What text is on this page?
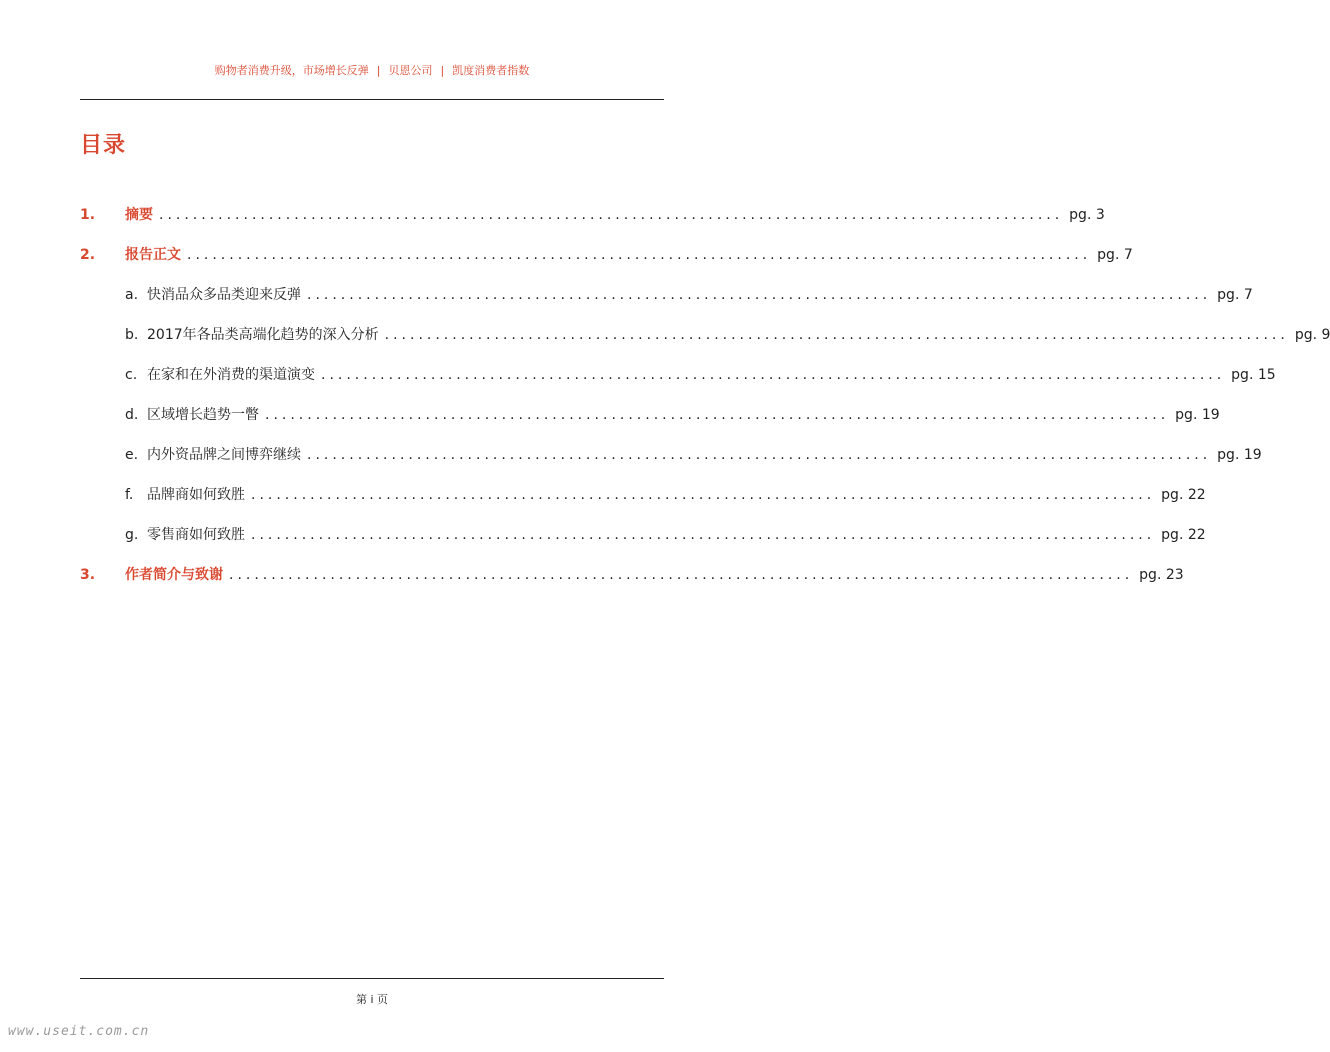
购物者消费升级，市场增长反弹 | 贝恩公司 | 凯度消费者指数
目录
1.	摘要 ........................................................................................................... pg. 3
2.	报告正文 ........................................................................................................... pg. 7
a. 快消品众多品类迎来反弹 ........................................................................................................... pg. 7
b. 2017年各品类高端化趋势的深入分析 ........................................................................................................... pg. 9
c. 在家和在外消费的渠道演变 ........................................................................................................... pg. 15
d. 区域增长趋势一瞥 ........................................................................................................... pg. 19
e. 内外资品牌之间博弈继续 ........................................................................................................... pg. 19
f. 品牌商如何致胜 ........................................................................................................... pg. 22
g. 零售商如何致胜 ........................................................................................................... pg. 22
3.	作者简介与致谢 ........................................................................................................... pg. 23
第 i 页
www.useit.com.cn
